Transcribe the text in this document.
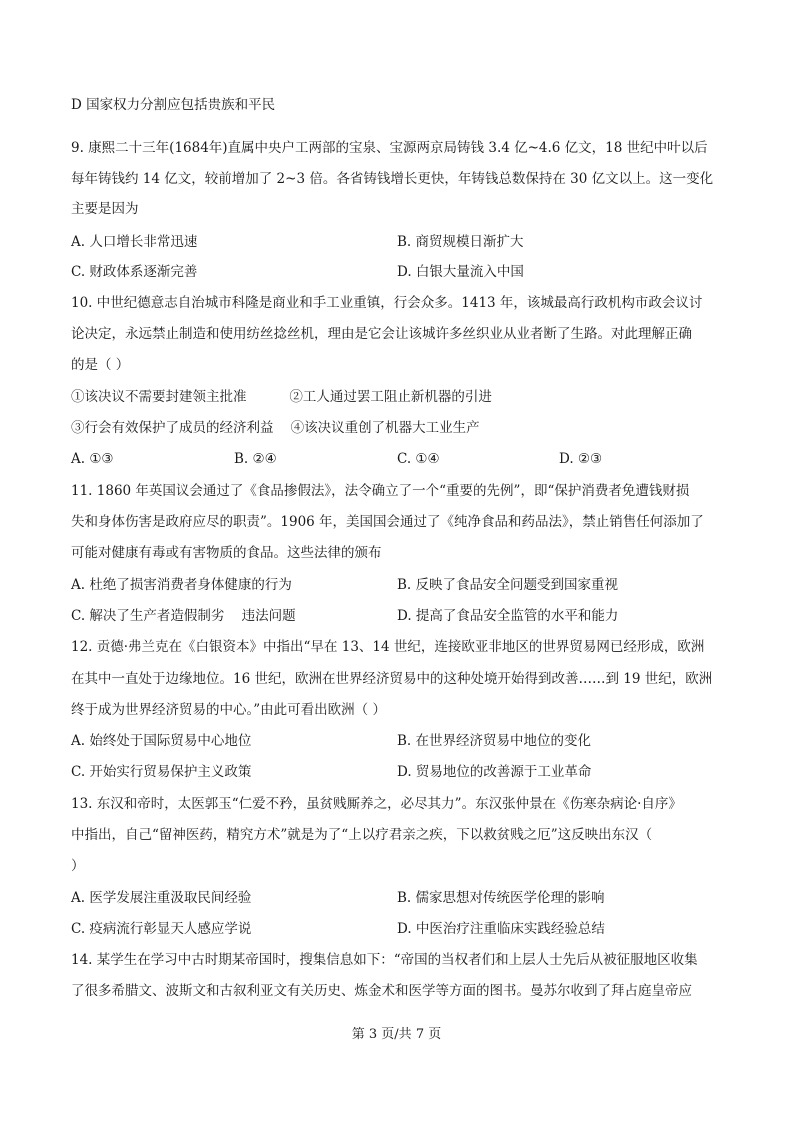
D 国家权力分割应包括贵族和平民
9. 康熙二十三年(1684年)直属中央户工两部的宝泉、宝源两京局铸钱 3.4 亿~4.6 亿文，18 世纪中叶以后
每年铸钱约 14 亿文，较前增加了 2~3 倍。各省铸钱增长更快，年铸钱总数保持在 30 亿文以上。这一变化
主要是因为
A. 人口增长非常迅速	B. 商贸规模日渐扩大
C. 财政体系逐渐完善	D. 白银大量流入中国
10. 中世纪德意志自治城市科隆是商业和手工业重镇，行会众多。1413 年，该城最高行政机构市政会议讨
论决定，永远禁止制造和使用纺丝捻丝机，理由是它会让该城许多丝织业从业者断了生路。对此理解正确
的是（ ）
①该决议不需要封建领主批准          ②工人通过罢工阻止新机器的引进
③行会有效保护了成员的经济利益    ④该决议重创了机器大工业生产
A. ①③	B. ②④	C. ①④	D. ②③
11. 1860 年英国议会通过了《食品掺假法》，法令确立了一个“重要的先例”，即“保护消费者免遭钱财损
失和身体伤害是政府应尽的职责”。1906 年，美国国会通过了《纯净食品和药品法》，禁止销售任何添加了
可能对健康有毒或有害物质的食品。这些法律的颁布
A. 杜绝了损害消费者身体健康的行为	B. 反映了食品安全问题受到国家重视
C. 解决了生产者造假制劣    违法问题	D. 提高了食品安全监管的水平和能力
12. 贡德·弗兰克在《白银资本》中指出“早在 13、14 世纪，连接欧亚非地区的世界贸易网已经形成，欧洲
在其中一直处于边缘地位。16 世纪，欧洲在世界经济贸易中的这种处境开始得到改善……到 19 世纪，欧洲
终于成为世界经济贸易的中心。”由此可看出欧洲（ ）
A. 始终处于国际贸易中心地位	B. 在世界经济贸易中地位的变化
C. 开始实行贸易保护主义政策	D. 贸易地位的改善源于工业革命
13. 东汉和帝时，太医郭玉“仁爱不矜，虽贫贱厮养之，必尽其力”。东汉张仲景在《伤寒杂病论·自序》
中指出，自己“留神医药，精究方术”就是为了“上以疗君亲之疾，下以救贫贱之厄”这反映出东汉（
）
A. 医学发展注重汲取民间经验	B. 儒家思想对传统医学伦理的影响
C. 疫病流行彰显天人感应学说	D. 中医治疗注重临床实践经验总结
14. 某学生在学习中古时期某帝国时，搜集信息如下：“帝国的当权者们和上层人士先后从被征服地区收集
了很多希腊文、波斯文和古叙利亚文有关历史、炼金术和医学等方面的图书。曼苏尔收到了拜占庭皇帝应
第 3 页/共 7 页
